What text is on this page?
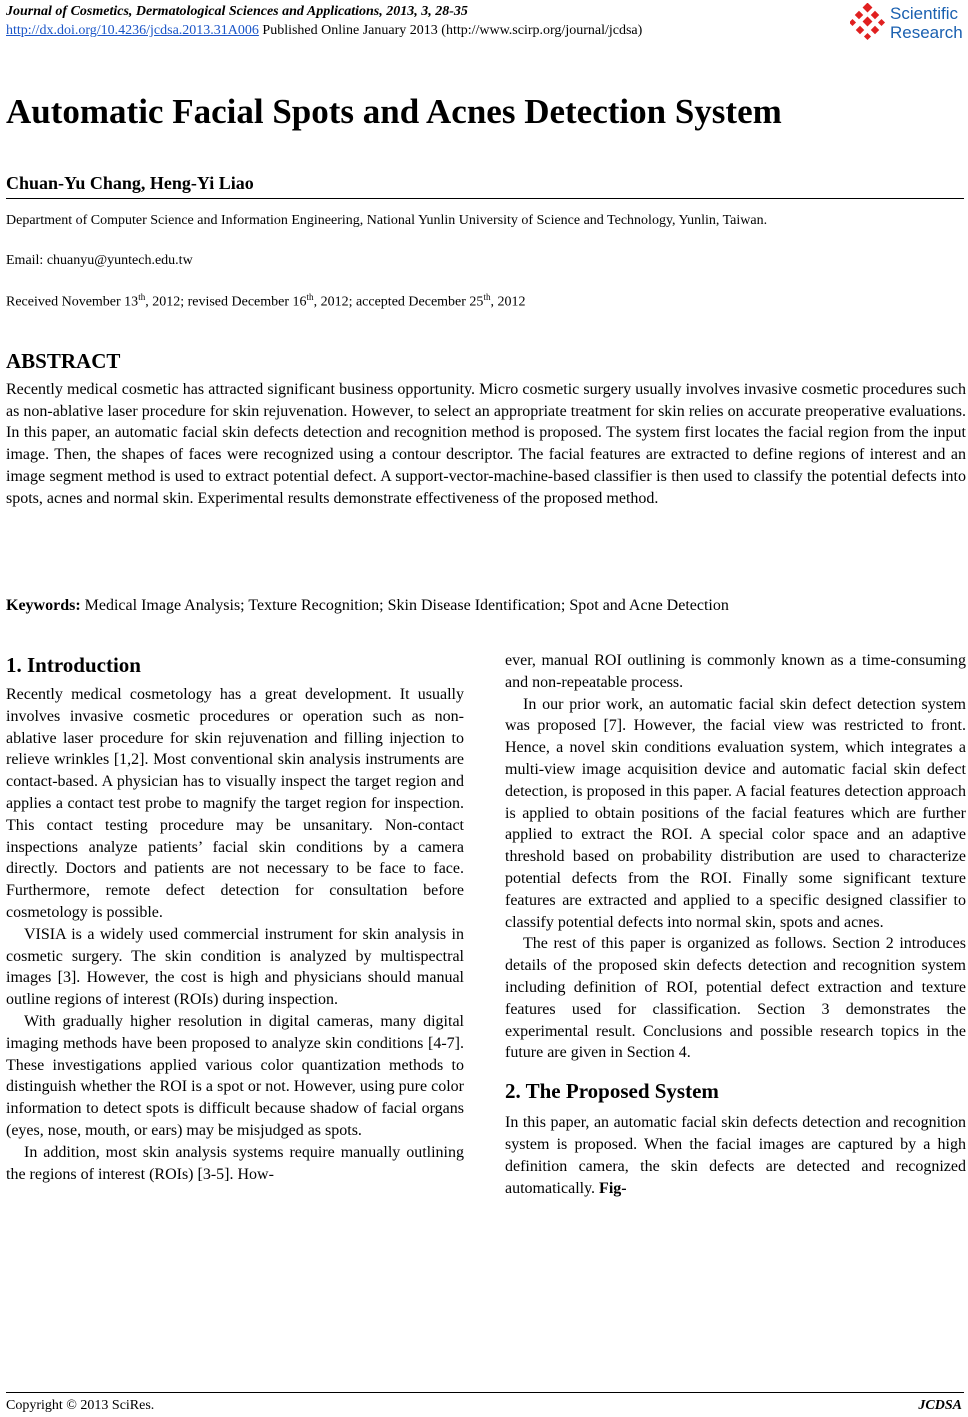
Journal of Cosmetics, Dermatological Sciences and Applications, 2013, 3, 28-35
http://dx.doi.org/10.4236/jcdsa.2013.31A006 Published Online January 2013 (http://www.scirp.org/journal/jcdsa)
Scientific
Research
Automatic Facial Spots and Acnes Detection System
Chuan-Yu Chang, Heng-Yi Liao
Department of Computer Science and Information Engineering, National Yunlin University of Science and Technology, Yunlin, Taiwan.
Email: chuanyu@yuntech.edu.tw
Received November 13th, 2012; revised December 16th, 2012; accepted December 25th, 2012
ABSTRACT

Recently medical cosmetic has attracted significant business opportunity. Micro cosmetic surgery usually involves invasive cosmetic procedures such as non-ablative laser procedure for skin rejuvenation. However, to select an appropriate treatment for skin relies on accurate preoperative evaluations. In this paper, an automatic facial skin defects detection and recognition method is proposed. The system first locates the facial region from the input image. Then, the shapes of faces were recognized using a contour descriptor. The facial features are extracted to define regions of interest and an image segment method is used to extract potential defect. A support-vector-machine-based classifier is then used to classify the potential defects into spots, acnes and normal skin. Experimental results demonstrate effectiveness of the proposed method.

Keywords: Medical Image Analysis; Texture Recognition; Skin Disease Identification; Spot and Acne Detection
1. Introduction

Recently medical cosmetology has a great development. It usually involves invasive cosmetic procedures or operation such as non-ablative laser procedure for skin rejuvenation and filling injection to relieve wrinkles [1,2]. Most conventional skin analysis instruments are contact-based. A physician has to visually inspect the target region and applies a contact test probe to magnify the target region for inspection. This contact testing procedure may be unsanitary. Non-contact inspections analyze patients’ facial skin conditions by a camera directly. Doctors and patients are not necessary to be face to face. Furthermore, remote defect detection for consultation before cosmetology is possible.

VISIA is a widely used commercial instrument for skin analysis in cosmetic surgery. The skin condition is analyzed by multispectral images [3]. However, the cost is high and physicians should manual outline regions of interest (ROIs) during inspection.

With gradually higher resolution in digital cameras, many digital imaging methods have been proposed to analyze skin conditions [4-7]. These investigations applied various color quantization methods to distinguish whether the ROI is a spot or not. However, using pure color information to detect spots is difficult because shadow of facial organs (eyes, nose, mouth, or ears) may be misjudged as spots.

In addition, most skin analysis systems require manually outlining the regions of interest (ROIs) [3-5]. How-

ever, manual ROI outlining is commonly known as a time-consuming and non-repeatable process.

In our prior work, an automatic facial skin defect detection system was proposed [7]. However, the facial view was restricted to front. Hence, a novel skin conditions evaluation system, which integrates a multi-view image acquisition device and automatic facial skin defect detection, is proposed in this paper. A facial features detection approach is applied to obtain positions of the facial features which are further applied to extract the ROI. A special color space and an adaptive threshold based on probability distribution are used to characterize potential defects from the ROI. Finally some significant texture features are extracted and applied to a specific designed classifier to classify potential defects into normal skin, spots and acnes.

The rest of this paper is organized as follows. Section 2 introduces details of the proposed skin defects detection and recognition system including definition of ROI, potential defect extraction and texture features used for classification. Section 3 demonstrates the experimental result. Conclusions and possible research topics in the future are given in Section 4.

2. The Proposed System

In this paper, an automatic facial skin defects detection and recognition system is proposed. When the facial images are captured by a high definition camera, the skin defects are detected and recognized automatically. Fig-

Copyright © 2013 SciRes.	JCDSA
